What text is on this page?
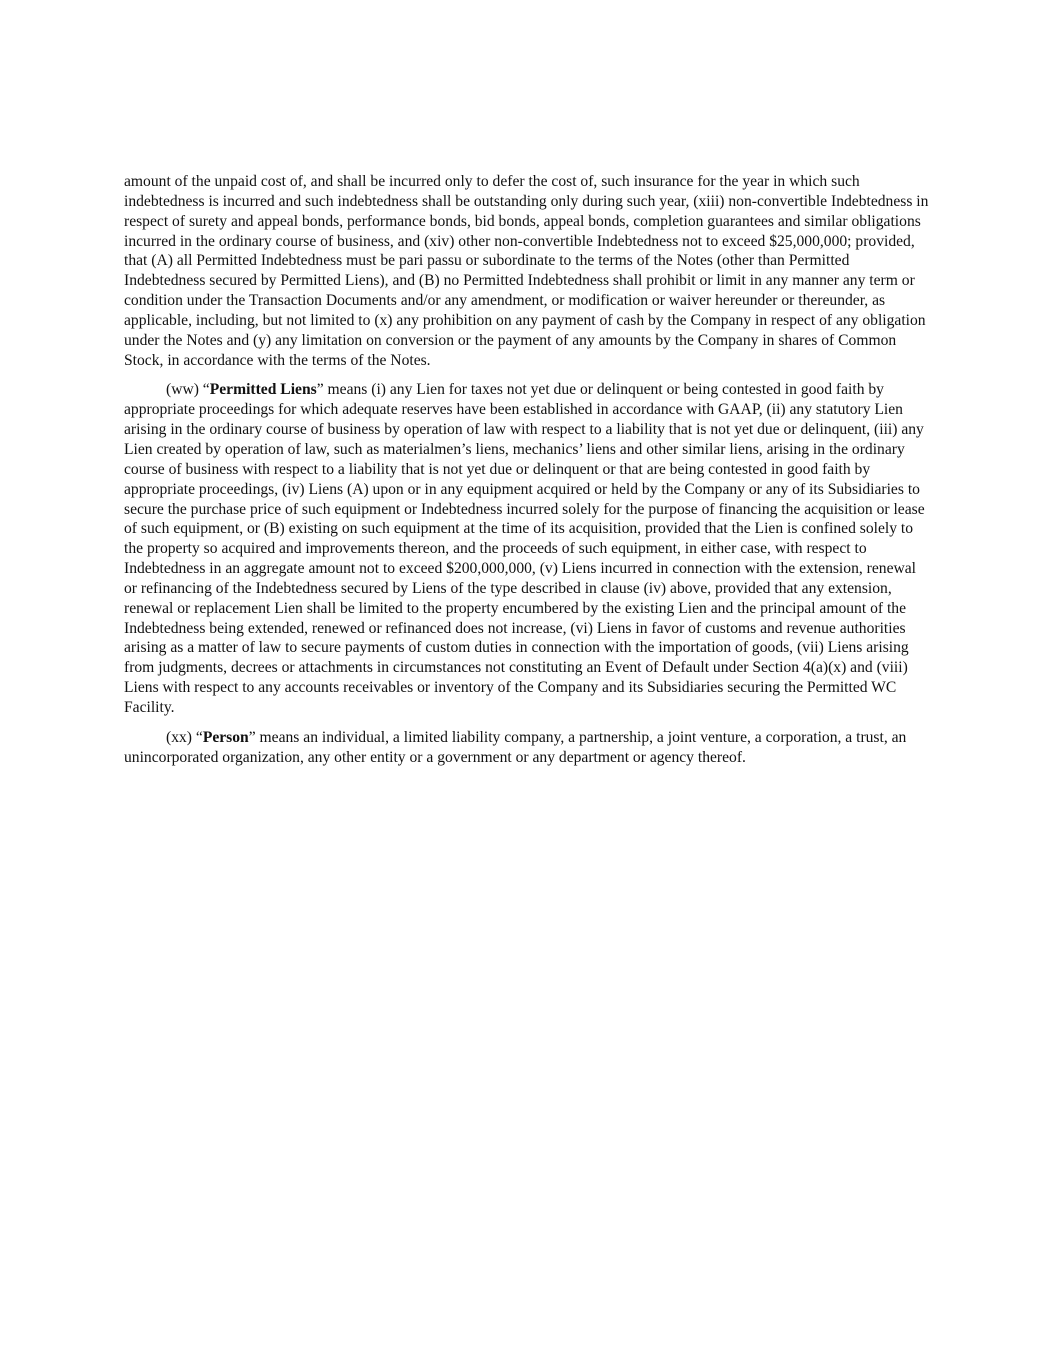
amount of the unpaid cost of, and shall be incurred only to defer the cost of, such insurance for the year in which such indebtedness is incurred and such indebtedness shall be outstanding only during such year, (xiii) non-convertible Indebtedness in respect of surety and appeal bonds, performance bonds, bid bonds, appeal bonds, completion guarantees and similar obligations incurred in the ordinary course of business, and (xiv) other non-convertible Indebtedness not to exceed $25,000,000; provided, that (A) all Permitted Indebtedness must be pari passu or subordinate to the terms of the Notes (other than Permitted Indebtedness secured by Permitted Liens), and (B) no Permitted Indebtedness shall prohibit or limit in any manner any term or condition under the Transaction Documents and/or any amendment, or modification or waiver hereunder or thereunder, as applicable, including, but not limited to (x) any prohibition on any payment of cash by the Company in respect of any obligation under the Notes and (y) any limitation on conversion or the payment of any amounts by the Company in shares of Common Stock, in accordance with the terms of the Notes.

(ww) “Permitted Liens” means (i) any Lien for taxes not yet due or delinquent or being contested in good faith by appropriate proceedings for which adequate reserves have been established in accordance with GAAP, (ii) any statutory Lien arising in the ordinary course of business by operation of law with respect to a liability that is not yet due or delinquent, (iii) any Lien created by operation of law, such as materialmen’s liens, mechanics’ liens and other similar liens, arising in the ordinary course of business with respect to a liability that is not yet due or delinquent or that are being contested in good faith by appropriate proceedings, (iv) Liens (A) upon or in any equipment acquired or held by the Company or any of its Subsidiaries to secure the purchase price of such equipment or Indebtedness incurred solely for the purpose of financing the acquisition or lease of such equipment, or (B) existing on such equipment at the time of its acquisition, provided that the Lien is confined solely to the property so acquired and improvements thereon, and the proceeds of such equipment, in either case, with respect to Indebtedness in an aggregate amount not to exceed $200,000,000, (v) Liens incurred in connection with the extension, renewal or refinancing of the Indebtedness secured by Liens of the type described in clause (iv) above, provided that any extension, renewal or replacement Lien shall be limited to the property encumbered by the existing Lien and the principal amount of the Indebtedness being extended, renewed or refinanced does not increase, (vi) Liens in favor of customs and revenue authorities arising as a matter of law to secure payments of custom duties in connection with the importation of goods, (vii) Liens arising from judgments, decrees or attachments in circumstances not constituting an Event of Default under Section 4(a)(x) and (viii) Liens with respect to any accounts receivables or inventory of the Company and its Subsidiaries securing the Permitted WC Facility.

(xx) “Person” means an individual, a limited liability company, a partnership, a joint venture, a corporation, a trust, an unincorporated organization, any other entity or a government or any department or agency thereof.
